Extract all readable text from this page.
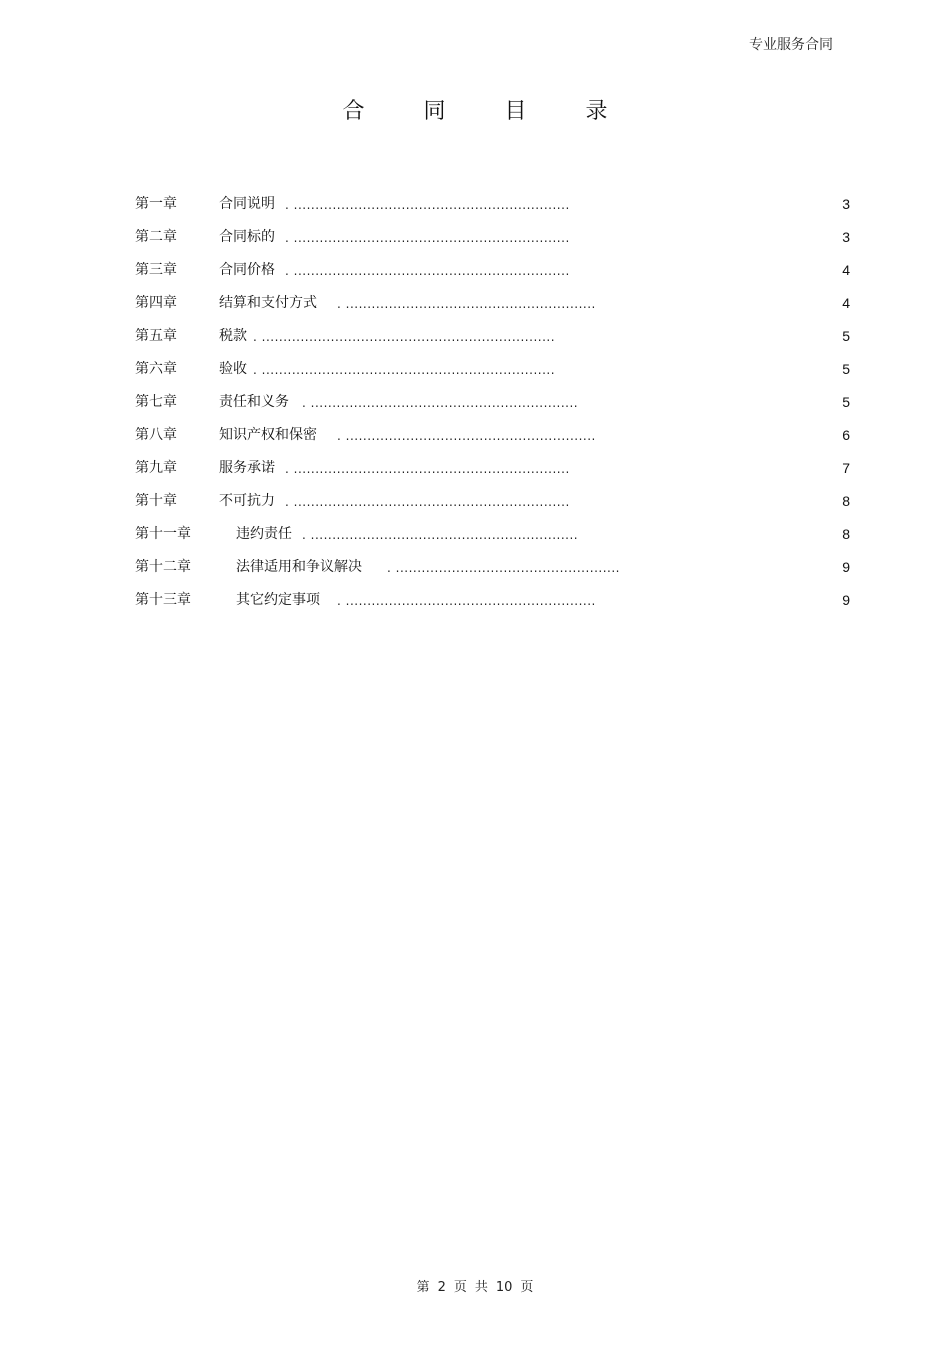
专业服务合同
合 同 目 录
第一章	合同说明 . ................................................................	3
第二章	合同标的 . ................................................................	3
第三章	合同价格 . ................................................................	4
第四章	结算和支付方式 . ..........................................................	4
第五章	税款 . ....................................................................	5
第六章	验收 . ....................................................................	5
第七章	责任和义务 . ..............................................................	5
第八章	知识产权和保密 . ..........................................................	6
第九章	服务承诺 . ................................................................	7
第十章	不可抗力 . ................................................................	8
第十一章	违约责任 . ..............................................................	8
第十二章	法律适用和争议解决 . ....................................................	9
第十三章	其它约定事项 . ..........................................................	9
第 2 页 共 10 页
